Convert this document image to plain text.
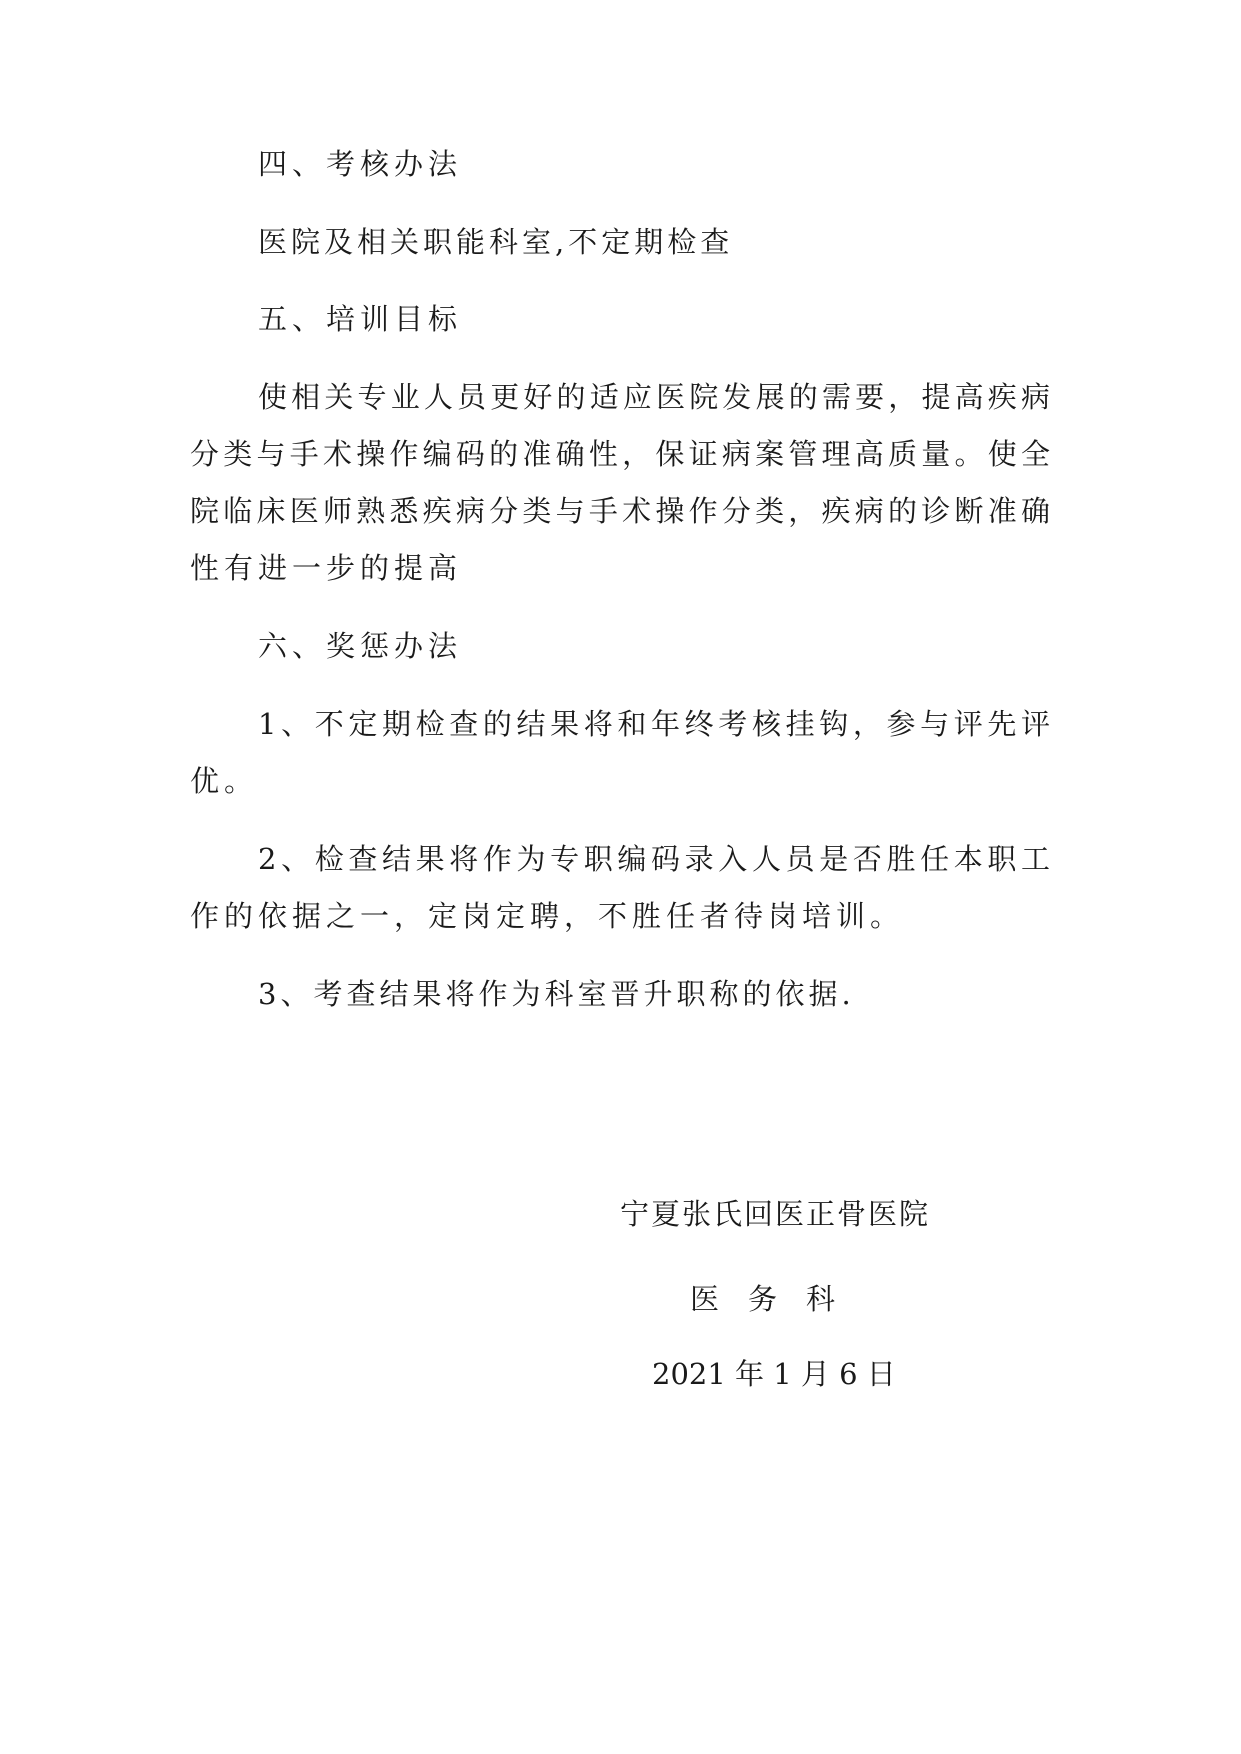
四、考核办法
医院及相关职能科室,不定期检查
五、培训目标
使相关专业人员更好的适应医院发展的需要，提高疾病
分类与手术操作编码的准确性，保证病案管理高质量。使全
院临床医师熟悉疾病分类与手术操作分类，疾病的诊断准确
性有进一步的提高
六、奖惩办法
1、不定期检查的结果将和年终考核挂钩，参与评先评
优。
2、检查结果将作为专职编码录入人员是否胜任本职工
作的依据之一，定岗定聘，不胜任者待岗培训。
3、考查结果将作为科室晋升职称的依据.
宁夏张氏回医正骨医院
医　务　科
2021 年 1 月 6 日
